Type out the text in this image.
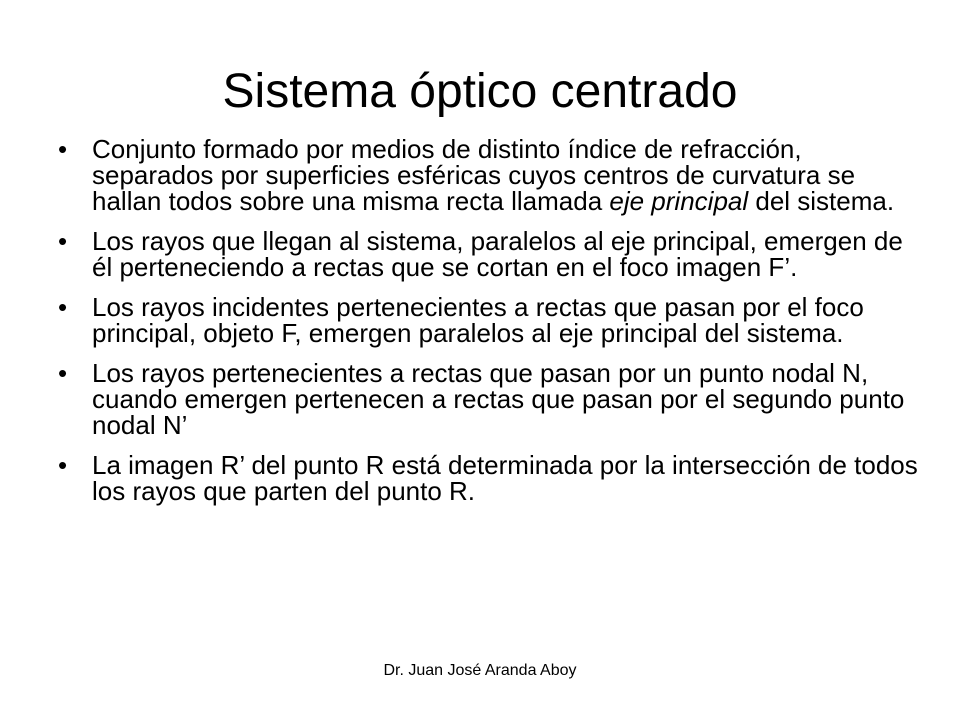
Sistema óptico centrado
• Conjunto formado por medios de distinto índice de refracción, separados por superficies esféricas cuyos centros de curvatura se hallan todos sobre una misma recta llamada eje principal del sistema.
• Los rayos que llegan al sistema, paralelos al eje principal, emergen de él perteneciendo a rectas que se cortan en el foco imagen F’.
• Los rayos incidentes pertenecientes a rectas que pasan por el foco principal, objeto F, emergen paralelos al eje principal del sistema.
• Los rayos pertenecientes a rectas que pasan por un punto nodal N, cuando emergen pertenecen a rectas que pasan por el segundo punto nodal N’
• La imagen R’ del punto R está determinada por la intersección de todos los rayos que parten del punto R.
Dr. Juan José Aranda Aboy
